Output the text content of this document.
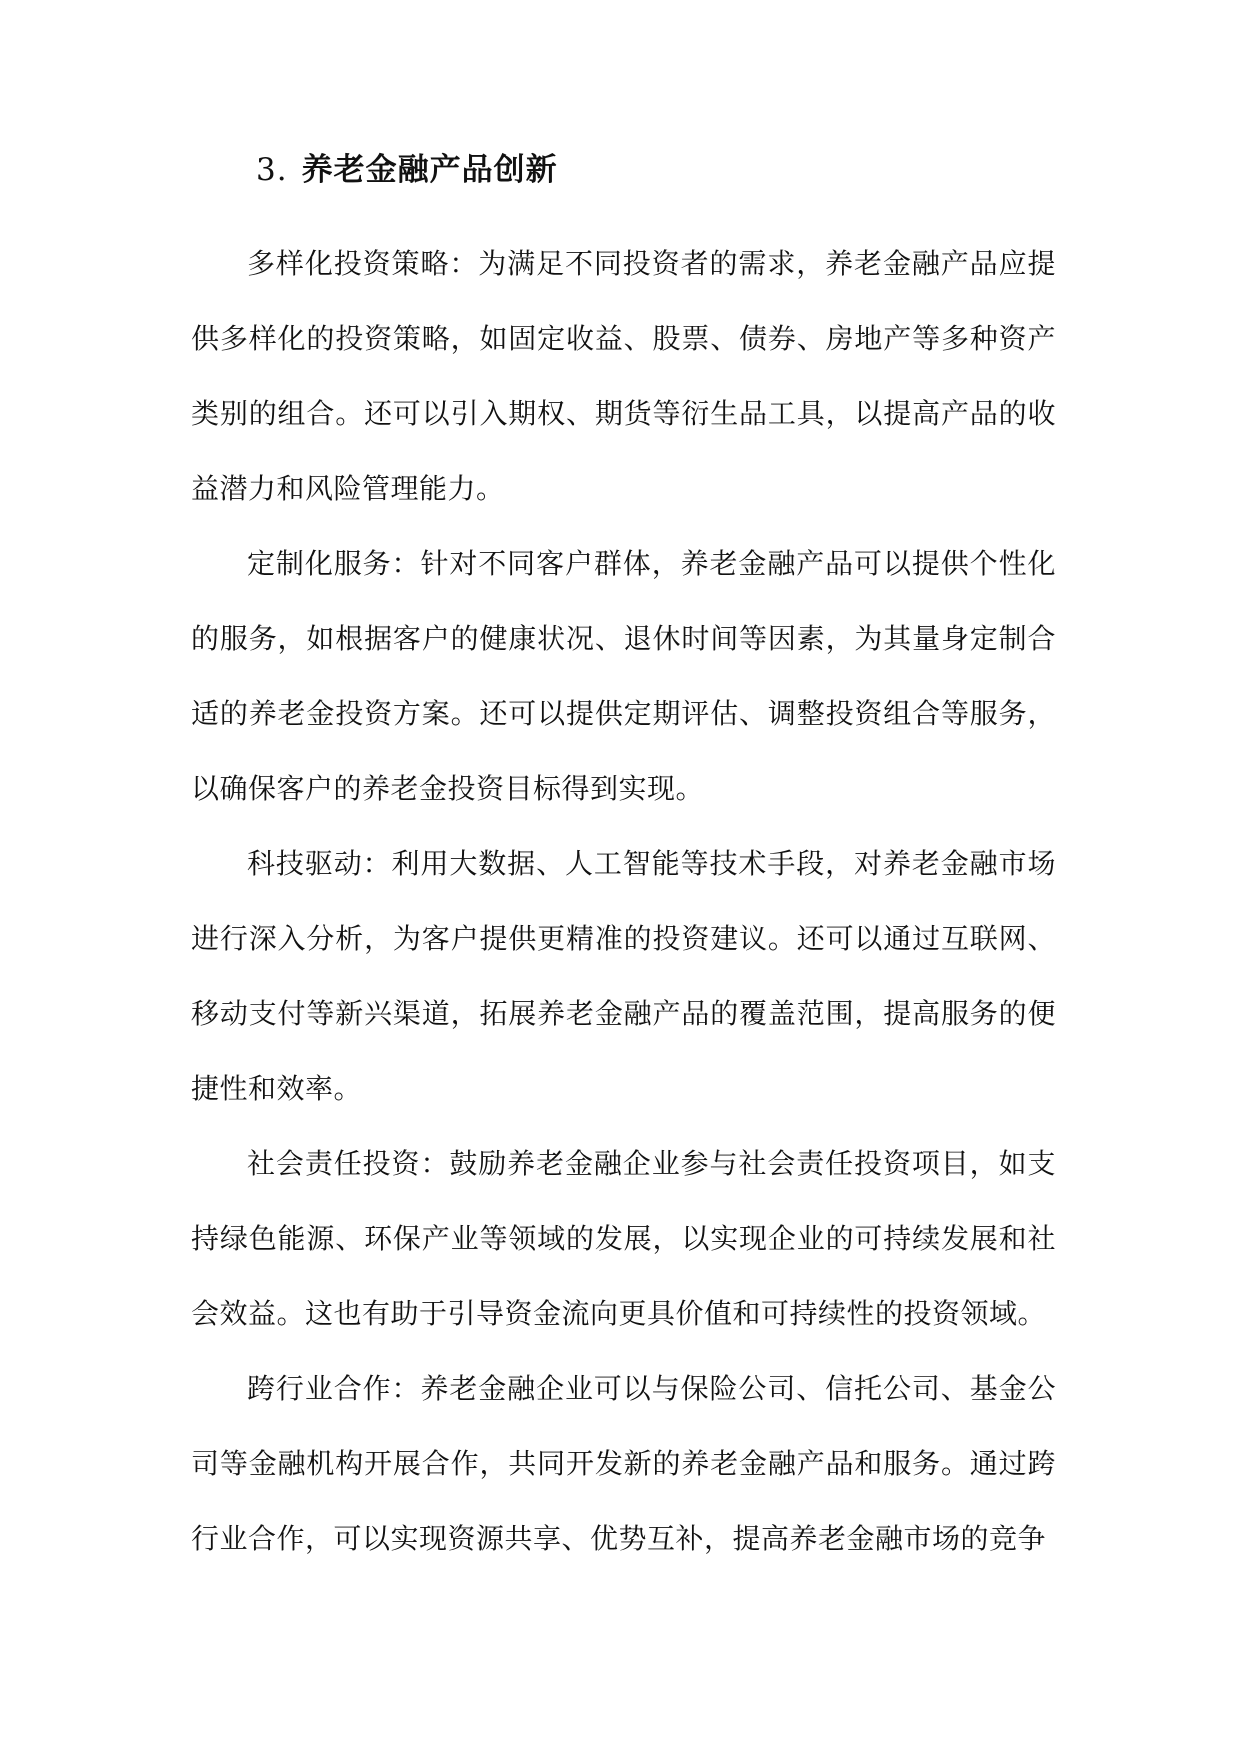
3. 养老金融产品创新

多样化投资策略：为满足不同投资者的需求，养老金融产品应提供多样化的投资策略，如固定收益、股票、债券、房地产等多种资产类别的组合。还可以引入期权、期货等衍生品工具，以提高产品的收益潜力和风险管理能力。

定制化服务：针对不同客户群体，养老金融产品可以提供个性化的服务，如根据客户的健康状况、退休时间等因素，为其量身定制合适的养老金投资方案。还可以提供定期评估、调整投资组合等服务，以确保客户的养老金投资目标得到实现。

科技驱动：利用大数据、人工智能等技术手段，对养老金融市场进行深入分析，为客户提供更精准的投资建议。还可以通过互联网、移动支付等新兴渠道，拓展养老金融产品的覆盖范围，提高服务的便捷性和效率。

社会责任投资：鼓励养老金融企业参与社会责任投资项目，如支持绿色能源、环保产业等领域的发展，以实现企业的可持续发展和社会效益。这也有助于引导资金流向更具价值和可持续性的投资领域。

跨行业合作：养老金融企业可以与保险公司、信托公司、基金公司等金融机构开展合作，共同开发新的养老金融产品和服务。通过跨行业合作，可以实现资源共享、优势互补，提高养老金融市场的竞争
